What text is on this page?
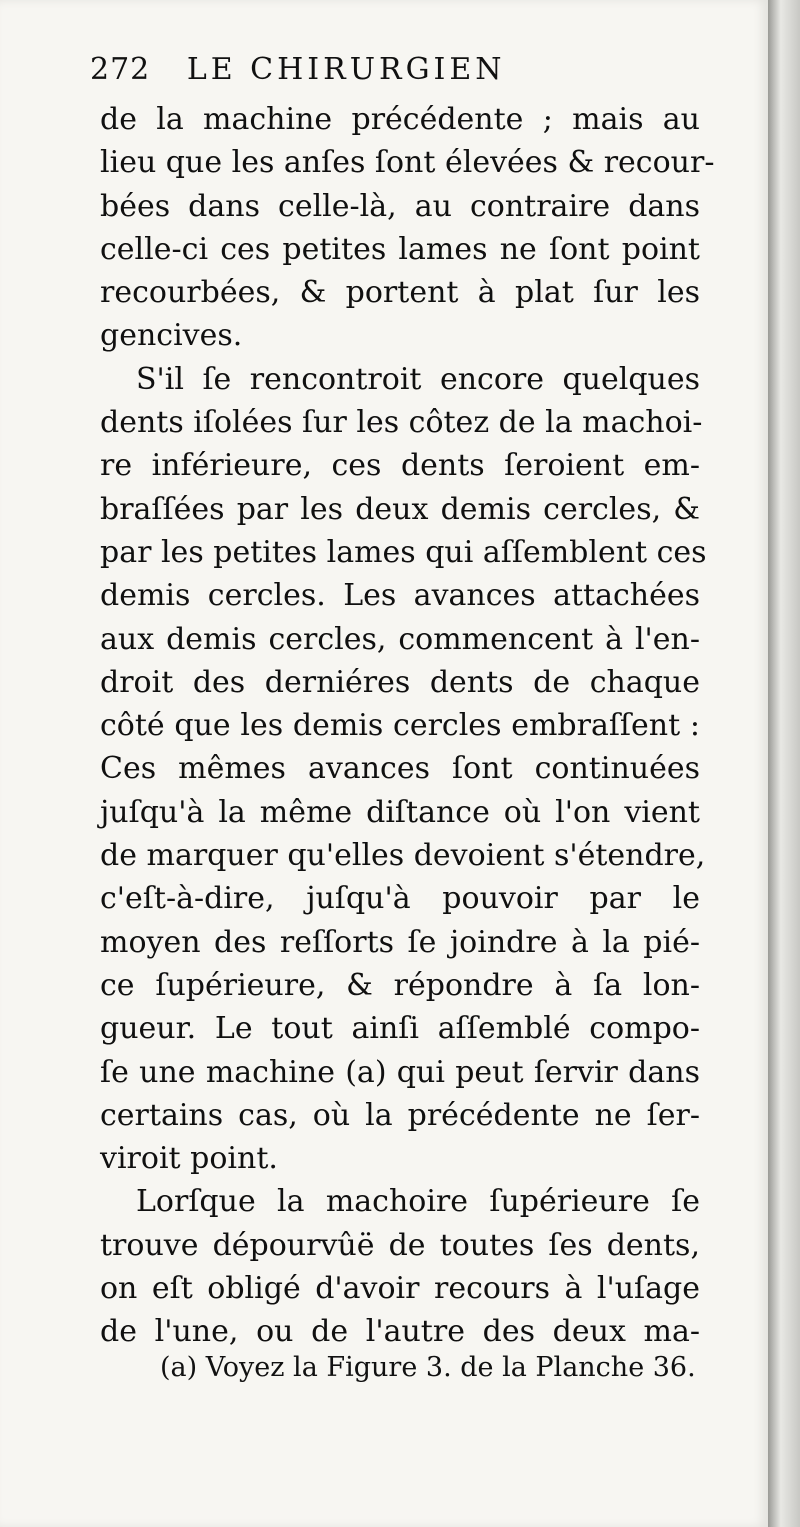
272 LE CHIRURGIEN
de la machine précédente ; mais au
lieu que les anſes ſont élevées & recour-
bées dans celle-là, au contraire dans
celle-ci ces petites lames ne ſont point
recourbées, & portent à plat ſur les
gencives.
S'il ſe rencontroit encore quelques
dents iſolées ſur les côtez de la machoi-
re inférieure, ces dents ſeroient em-
braſſées par les deux demis cercles, &
par les petites lames qui aſſemblent ces
demis cercles. Les avances attachées
aux demis cercles, commencent à l'en-
droit des derniéres dents de chaque
côté que les demis cercles embraſſent :
Ces mêmes avances ſont continuées
juſqu'à la même diſtance où l'on vient
de marquer qu'elles devoient s'étendre,
c'eſt-à-dire, juſqu'à pouvoir par le
moyen des reſſorts ſe joindre à la pié-
ce ſupérieure, & répondre à ſa lon-
gueur. Le tout ainſi aſſemblé compo-
ſe une machine (a) qui peut ſervir dans
certains cas, où la précédente ne ſer-
viroit point.
Lorſque la machoire ſupérieure ſe
trouve dépourvûë de toutes ſes dents,
on eſt obligé d'avoir recours à l'uſage
de l'une, ou de l'autre des deux ma-
(a) Voyez la Figure 3. de la Planche 36.
